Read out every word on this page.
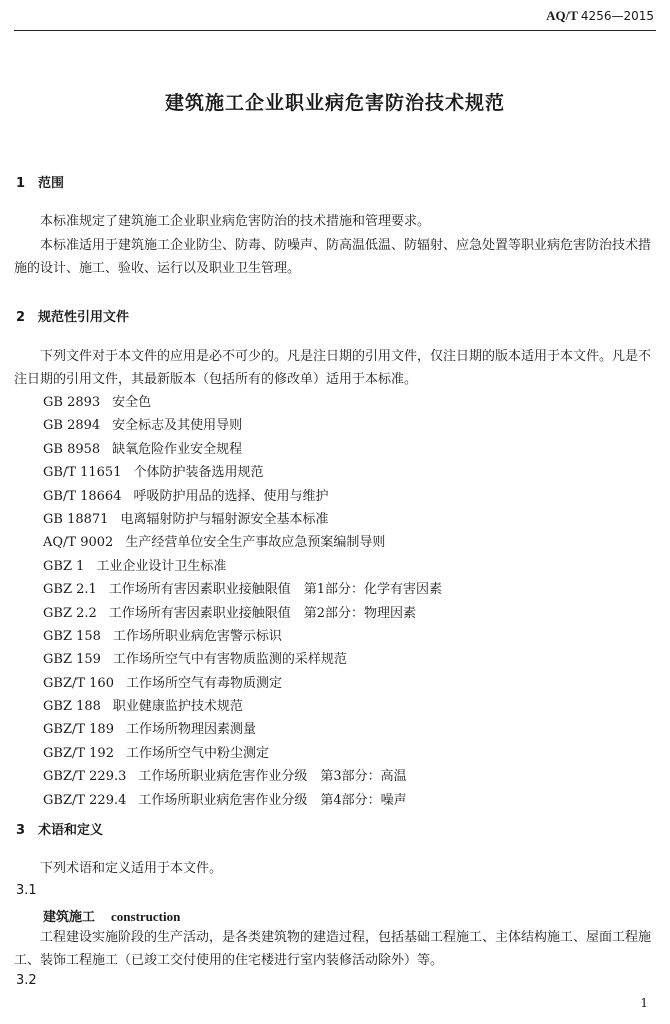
AQ/T 4256—2015
建筑施工企业职业病危害防治技术规范
1 范围
本标准规定了建筑施工企业职业病危害防治的技术措施和管理要求。
本标准适用于建筑施工企业防尘、防毒、防噪声、防高温低温、防辐射、应急处置等职业病危害防治技术措施的设计、施工、验收、运行以及职业卫生管理。
2 规范性引用文件
下列文件对于本文件的应用是必不可少的。凡是注日期的引用文件，仅注日期的版本适用于本文件。凡是不注日期的引用文件，其最新版本（包括所有的修改单）适用于本标准。
GB 2893 安全色
GB 2894 安全标志及其使用导则
GB 8958 缺氧危险作业安全规程
GB/T 11651 个体防护装备选用规范
GB/T 18664 呼吸防护用品的选择、使用与维护
GB 18871 电离辐射防护与辐射源安全基本标准
AQ/T 9002 生产经营单位安全生产事故应急预案编制导则
GBZ 1 工业企业设计卫生标准
GBZ 2.1 工作场所有害因素职业接触限值　第1部分：化学有害因素
GBZ 2.2 工作场所有害因素职业接触限值　第2部分：物理因素
GBZ 158 工作场所职业病危害警示标识
GBZ 159 工作场所空气中有害物质监测的采样规范
GBZ/T 160 工作场所空气有毒物质测定
GBZ 188 职业健康监护技术规范
GBZ/T 189 工作场所物理因素测量
GBZ/T 192 工作场所空气中粉尘测定
GBZ/T 229.3 工作场所职业病危害作业分级　第3部分：高温
GBZ/T 229.4 工作场所职业病危害作业分级　第4部分：噪声
3 术语和定义
下列术语和定义适用于本文件。
3.1
建筑施工 construction
工程建设实施阶段的生产活动，是各类建筑物的建造过程，包括基础工程施工、主体结构施工、屋面工程施工、装饰工程施工（已竣工交付使用的住宅楼进行室内装修活动除外）等。
3.2
1
